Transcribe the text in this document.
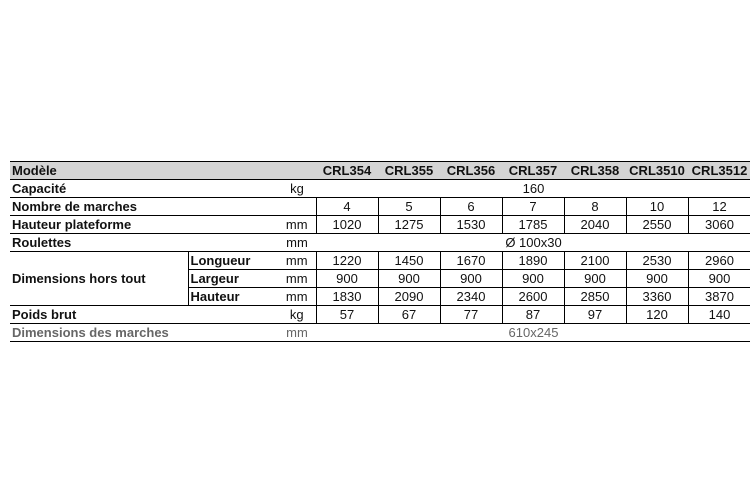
Modèle			CRL354	CRL355	CRL356	CRL357	CRL358	CRL3510	CRL3512
Capacité		kg	160						
Nombre de marches			4	5	6	7	8	10	12
Hauteur plateforme		mm	1020	1275	1530	1785	2040	2550	3060
Roulettes		mm	Ø 100x30						
Dimensions hors tout	Longueur	mm	1220	1450	1670	1890	2100	2530	2960
	Largeur	mm	900	900	900	900	900	900	900
	Hauteur	mm	1830	2090	2340	2600	2850	3360	3870
Poids brut		kg	57	67	77	87	97	120	140
Dimensions des marches		mm	610x245						
